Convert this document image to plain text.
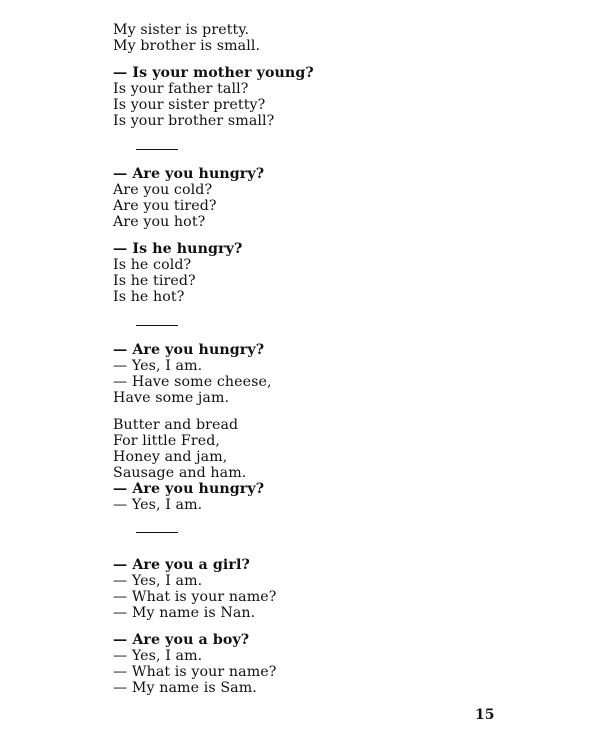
My sister is pretty.
My brother is small.
— Is your mother young?
Is your father tall?
Is your sister pretty?
Is your brother small?
— Are you hungry?
Are you cold?
Are you tired?
Are you hot?
— Is he hungry?
Is he cold?
Is he tired?
Is he hot?
— Are you hungry?
— Yes, I am.
— Have some cheese,
Have some jam.
Butter and bread
For little Fred,
Honey and jam,
Sausage and ham.
— Are you hungry?
— Yes, I am.
— Are you a girl?
— Yes, I am.
— What is your name?
— My name is Nan.
— Are you a boy?
— Yes, I am.
— What is your name?
— My name is Sam.
15
